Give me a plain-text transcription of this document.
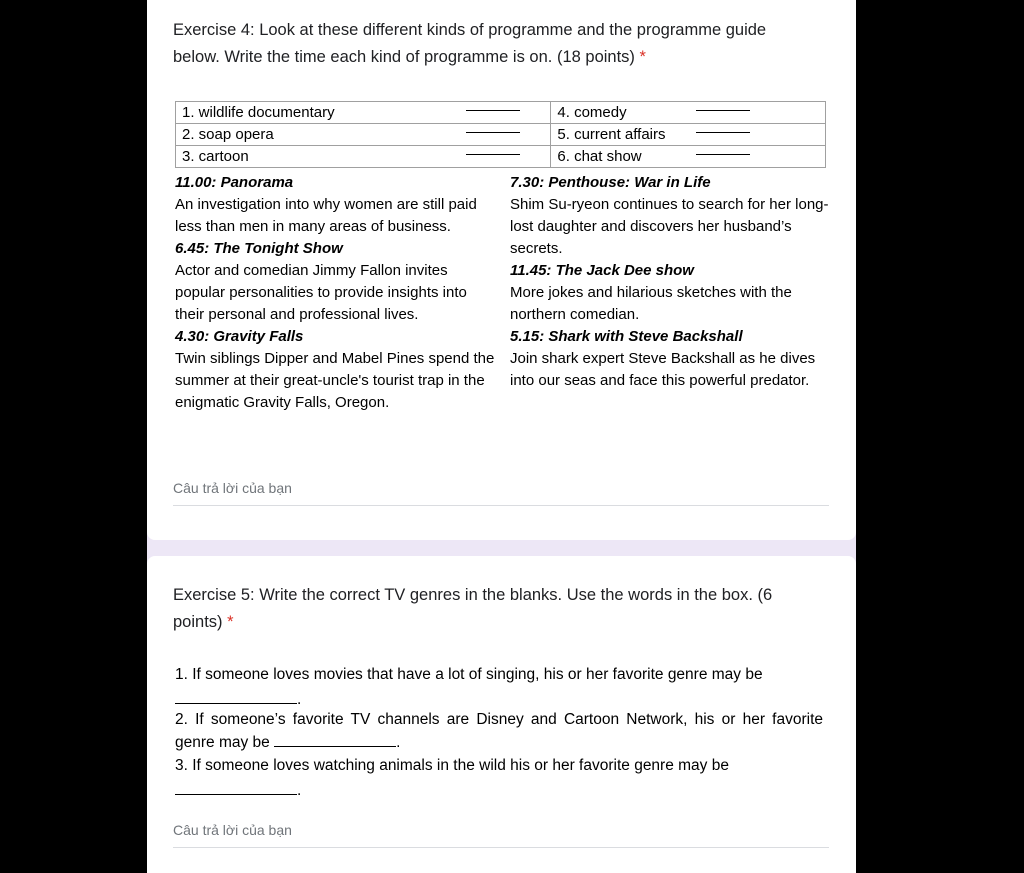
Exercise 4: Look at these different kinds of programme and the programme guide below. Write the time each kind of programme is on. (18 points) *
1. wildlife documentary	4. comedy

2. soap opera	5. current affairs

3. cartoon	6. chat show
11.00: Panorama
An investigation into why women are still paid less than men in many areas of business.
6.45: The Tonight Show
Actor and comedian Jimmy Fallon invites popular personalities to provide insights into their personal and professional lives.
4.30: Gravity Falls
Twin siblings Dipper and Mabel Pines spend the summer at their great-uncle's tourist trap in the enigmatic Gravity Falls, Oregon.
7.30: Penthouse: War in Life
Shim Su-ryeon continues to search for her long-lost daughter and discovers her husband’s secrets.
11.45: The Jack Dee show
More jokes and hilarious sketches with the northern comedian.
5.15: Shark with Steve Backshall
Join shark expert Steve Backshall as he dives into our seas and face this powerful predator.
Câu trả lời của bạn
Exercise 5: Write the correct TV genres in the blanks. Use the words in the box. (6 points) *
1. If someone loves movies that have a lot of singing, his or her favorite genre may be
.
2. If someone’s favorite TV channels are Disney and Cartoon Network, his or her favorite genre may be	.
3. If someone loves watching animals in the wild his or her favorite genre may be
.
Câu trả lời của bạn
